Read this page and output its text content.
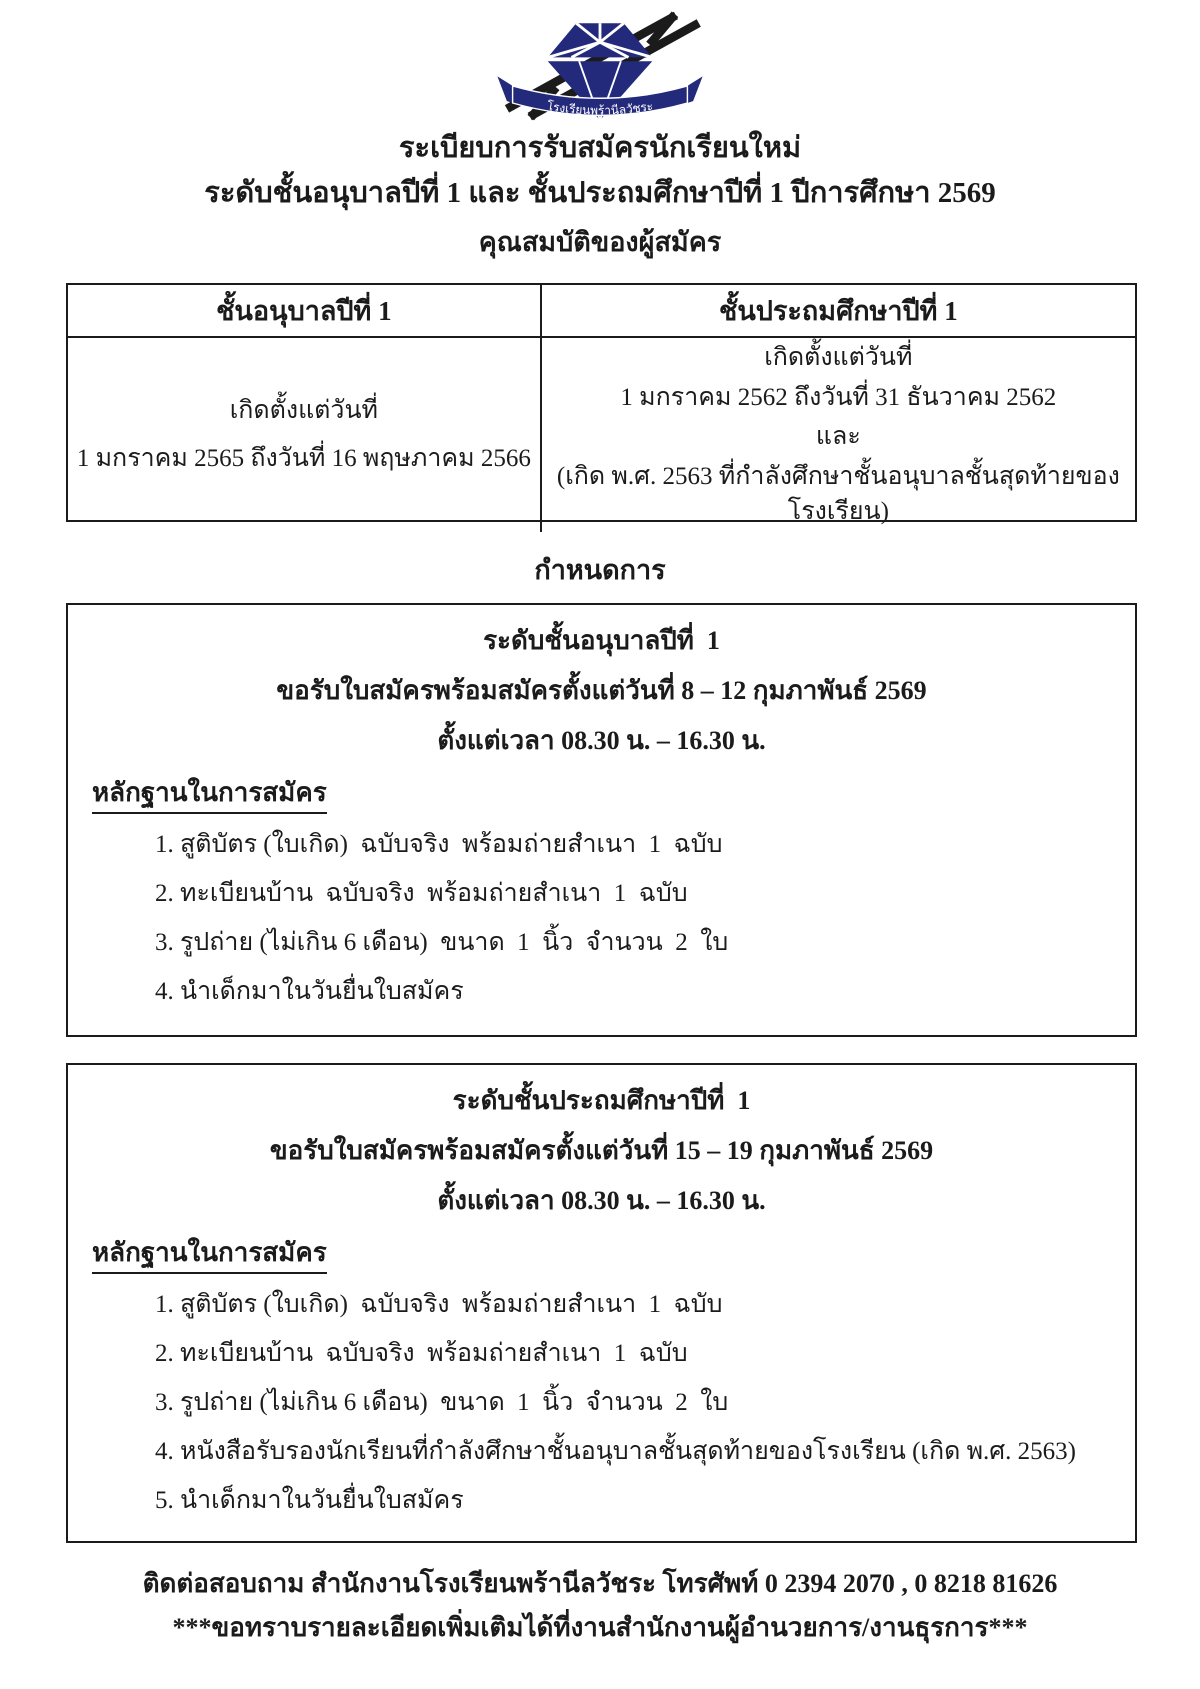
โรงเรียนพร้านีลวัชระ
ระเบียบการรับสมัครนักเรียนใหม่
ระดับชั้นอนุบาลปีที่ 1 และ ชั้นประถมศึกษาปีที่ 1 ปีการศึกษา 2569
คุณสมบัติของผู้สมัคร
ชั้นอนุบาลปีที่ 1	ชั้นประถมศึกษาปีที่ 1
เกิดตั้งแต่วันที่
1 มกราคม 2565 ถึงวันที่ 16 พฤษภาคม 2566
เกิดตั้งแต่วันที่
1 มกราคม 2562 ถึงวันที่ 31 ธันวาคม 2562
และ
(เกิด พ.ศ. 2563 ที่กำลังศึกษาชั้นอนุบาลชั้นสุดท้ายของโรงเรียน)
กำหนดการ
ระดับชั้นอนุบาลปีที่  1
ขอรับใบสมัครพร้อมสมัครตั้งแต่วันที่ 8 – 12 กุมภาพันธ์ 2569
ตั้งแต่เวลา 08.30 น. – 16.30 น.
หลักฐานในการสมัคร
1. สูติบัตร (ใบเกิด)  ฉบับจริง  พร้อมถ่ายสำเนา  1  ฉบับ
2. ทะเบียนบ้าน  ฉบับจริง  พร้อมถ่ายสำเนา  1  ฉบับ
3. รูปถ่าย (ไม่เกิน 6 เดือน)  ขนาด  1  นิ้ว  จำนวน  2  ใบ
4. นำเด็กมาในวันยื่นใบสมัคร
ระดับชั้นประถมศึกษาปีที่  1
ขอรับใบสมัครพร้อมสมัครตั้งแต่วันที่ 15 – 19 กุมภาพันธ์ 2569
ตั้งแต่เวลา 08.30 น. – 16.30 น.
หลักฐานในการสมัคร
1. สูติบัตร (ใบเกิด)  ฉบับจริง  พร้อมถ่ายสำเนา  1  ฉบับ
2. ทะเบียนบ้าน  ฉบับจริง  พร้อมถ่ายสำเนา  1  ฉบับ
3. รูปถ่าย (ไม่เกิน 6 เดือน)  ขนาด  1  นิ้ว  จำนวน  2  ใบ
4. หนังสือรับรองนักเรียนที่กำลังศึกษาชั้นอนุบาลชั้นสุดท้ายของโรงเรียน (เกิด พ.ศ. 2563)
5. นำเด็กมาในวันยื่นใบสมัคร
ติดต่อสอบถาม สำนักงานโรงเรียนพร้านีลวัชระ โทรศัพท์ 0 2394 2070 , 0 8218 81626
***ขอทราบรายละเอียดเพิ่มเติมได้ที่งานสำนักงานผู้อำนวยการ/งานธุรการ***
